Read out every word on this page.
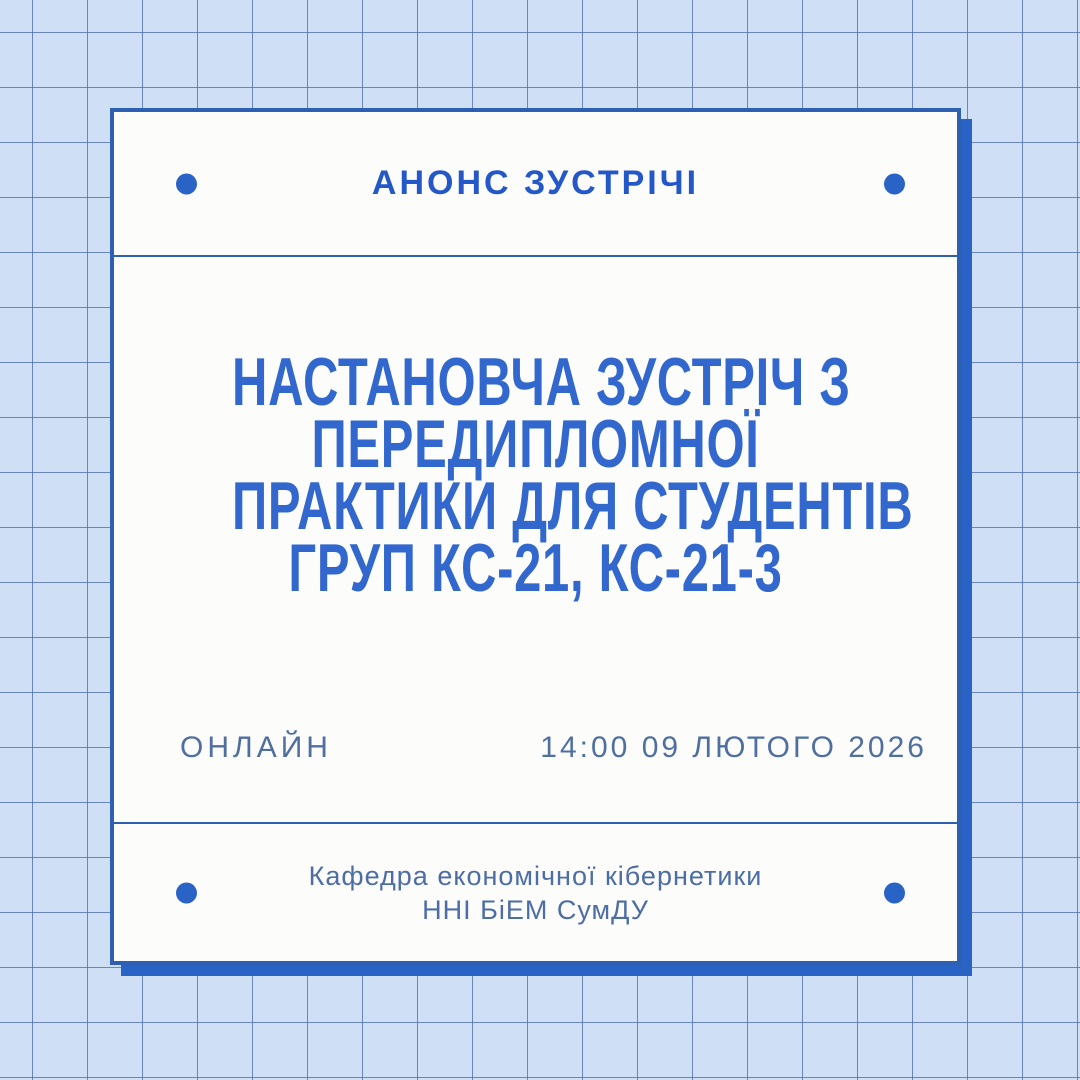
АНОНС ЗУСТРІЧІ
НАСТАНОВЧА ЗУСТРІЧ З
ПЕРЕДИПЛОМНОЇ
ПРАКТИКИ ДЛЯ СТУДЕНТІВ
ГРУП КС-21, КС-21-3
ОНЛАЙН	14:00 09 ЛЮТОГО 2026
Кафедра економічної кібернетики
ННІ БіЕМ СумДУ
